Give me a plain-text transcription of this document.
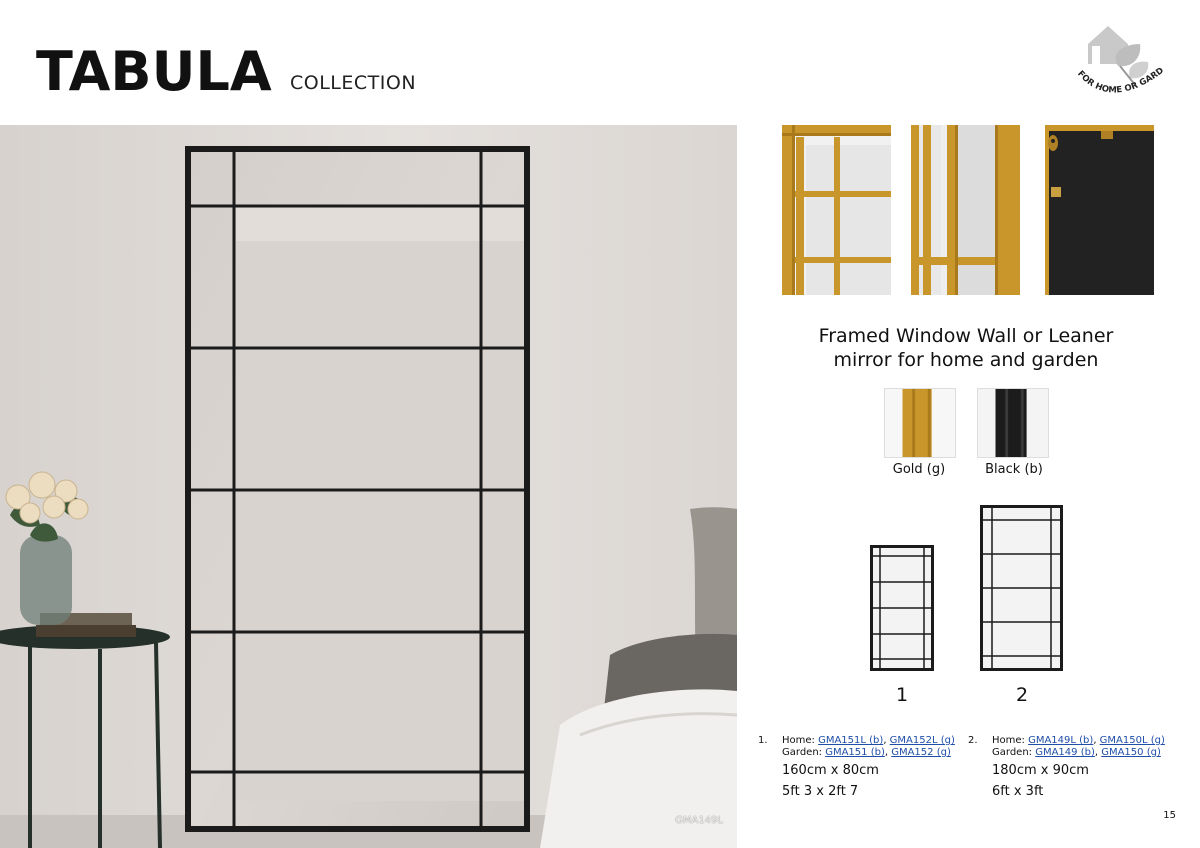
TABULA COLLECTION	FOR HOME OR GARD
GMA149L
Framed Window Wall or Leaner
mirror for home and garden
Gold (g)	Black (b)
1	2
1. Home: GMA151L (b), GMA152L (g)
Garden: GMA151 (b), GMA152 (g)
160cm x 80cm
5ft 3 x 2ft 7
2. Home: GMA149L (b), GMA150L (g)
Garden: GMA149 (b), GMA150 (g)
180cm x 90cm
6ft x 3ft
15
